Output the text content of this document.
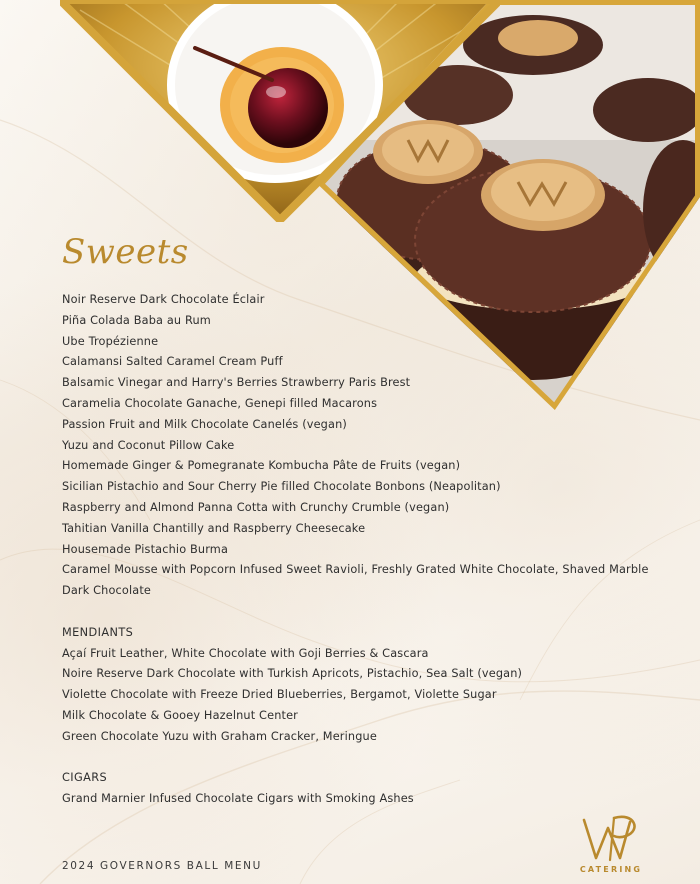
Sweets
Noir Reserve Dark Chocolate Éclair
Piña Colada Baba au Rum
Ube Tropézienne
Calamansi Salted Caramel Cream Puff
Balsamic Vinegar and Harry's Berries Strawberry Paris Brest
Caramelia Chocolate Ganache, Genepi filled Macarons
Passion Fruit and Milk Chocolate Canelés (vegan)
Yuzu and Coconut Pillow Cake
Homemade Ginger & Pomegranate Kombucha Pâte de Fruits (vegan)
Sicilian Pistachio and Sour Cherry Pie filled Chocolate Bonbons (Neapolitan)
Raspberry and Almond Panna Cotta with Crunchy Crumble (vegan)
Tahitian Vanilla Chantilly and Raspberry Cheesecake
Housemade Pistachio Burma
Caramel Mousse with Popcorn Infused Sweet Ravioli, Freshly Grated White Chocolate, Shaved Marble Dark Chocolate
MENDIANTS
Açaí Fruit Leather, White Chocolate with Goji Berries & Cascara
Noire Reserve Dark Chocolate with Turkish Apricots, Pistachio, Sea Salt (vegan)
Violette Chocolate with Freeze Dried Blueberries, Bergamot, Violette Sugar
Milk Chocolate & Gooey Hazelnut Center
Green Chocolate Yuzu with Graham Cracker, Meringue
CIGARS
Grand Marnier Infused Chocolate Cigars with Smoking Ashes
2024 GOVERNORS BALL MENU	CATERING
